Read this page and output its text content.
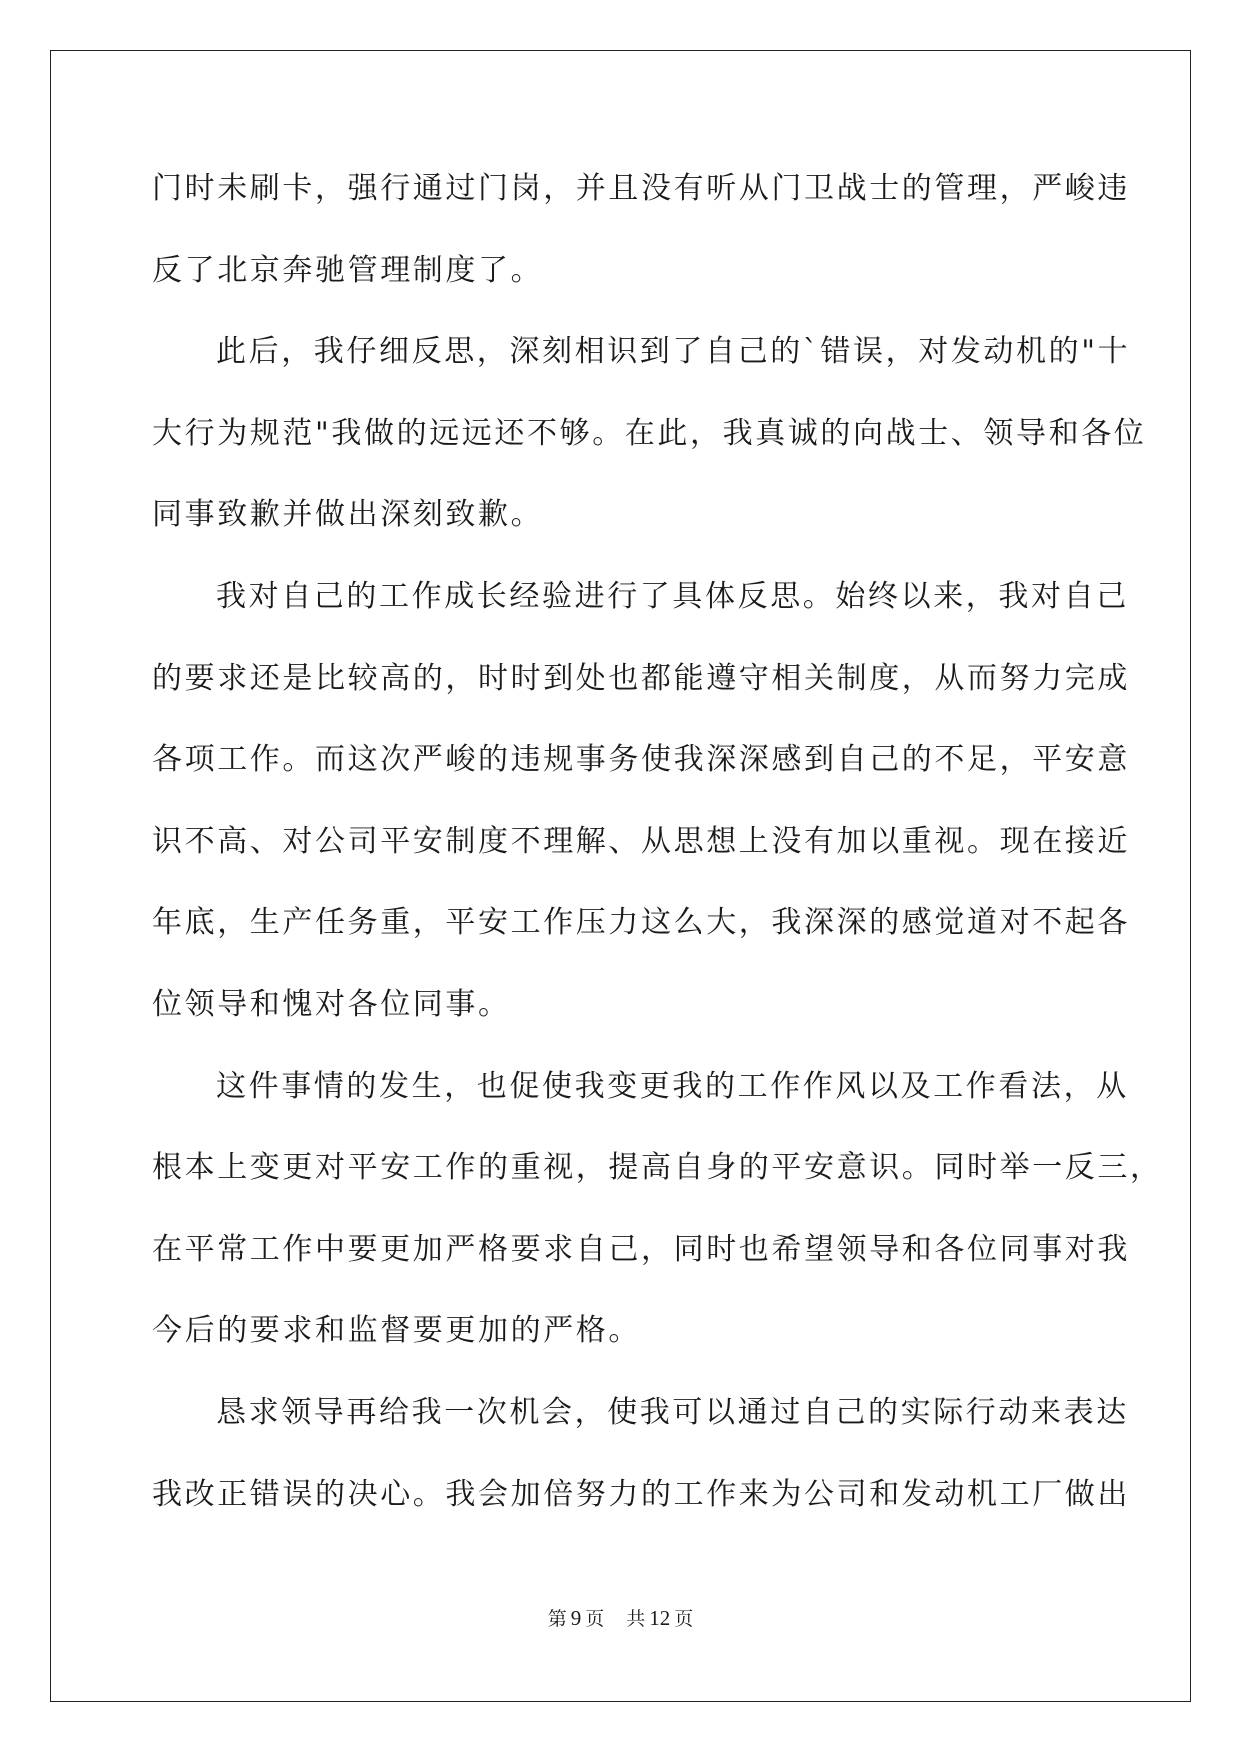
门时未刷卡，强行通过门岗，并且没有听从门卫战士的管理，严峻违
反了北京奔驰管理制度了。
此后，我仔细反思，深刻相识到了自己的`错误，对发动机的"十
大行为规范"我做的远远还不够。在此，我真诚的向战士、领导和各位
同事致歉并做出深刻致歉。
我对自己的工作成长经验进行了具体反思。始终以来，我对自己
的要求还是比较高的，时时到处也都能遵守相关制度，从而努力完成
各项工作。而这次严峻的违规事务使我深深感到自己的不足，平安意
识不高、对公司平安制度不理解、从思想上没有加以重视。现在接近
年底，生产任务重，平安工作压力这么大，我深深的感觉道对不起各
位领导和愧对各位同事。
这件事情的发生，也促使我变更我的工作作风以及工作看法，从
根本上变更对平安工作的重视，提高自身的平安意识。同时举一反三，
在平常工作中要更加严格要求自己，同时也希望领导和各位同事对我
今后的要求和监督要更加的严格。
恳求领导再给我一次机会，使我可以通过自己的实际行动来表达
我改正错误的决心。我会加倍努力的工作来为公司和发动机工厂做出
第 9 页 共 12 页
